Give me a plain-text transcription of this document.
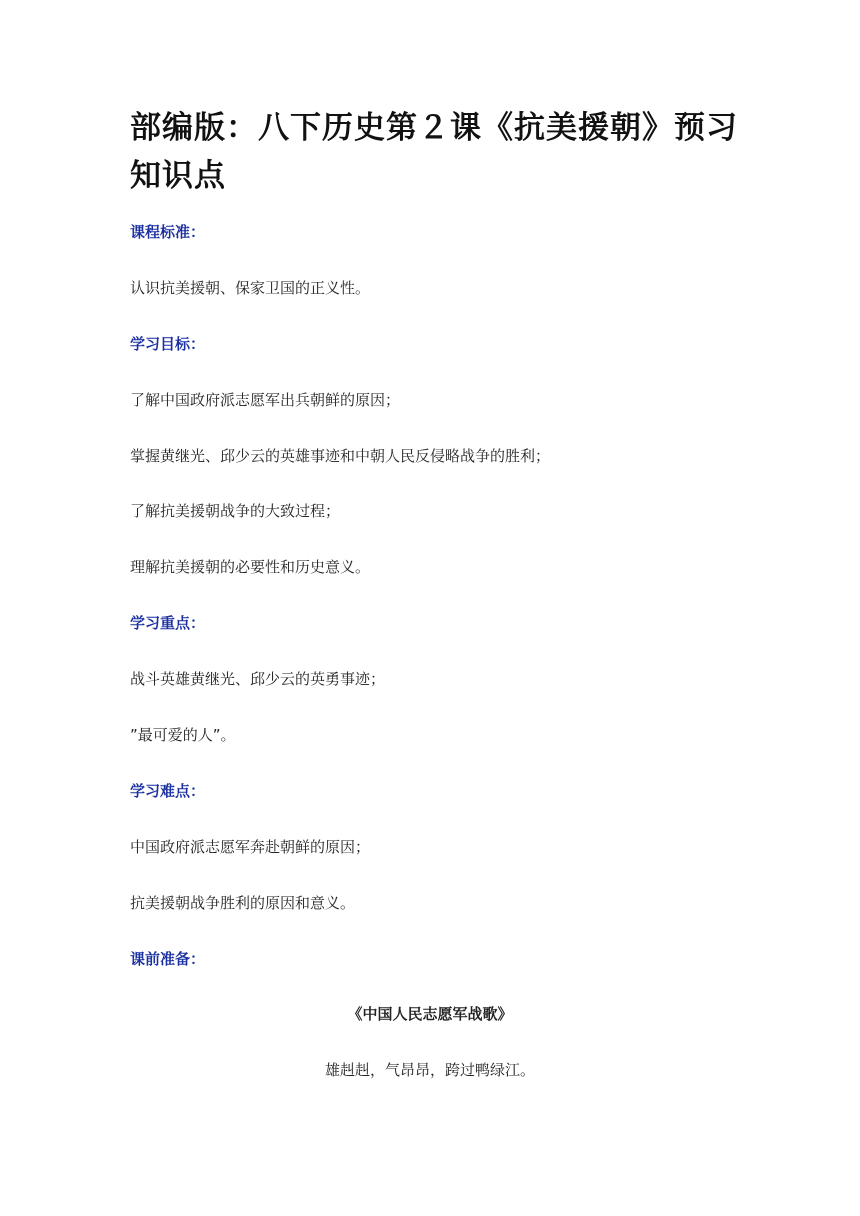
部编版：八下历史第２课《抗美援朝》预习知识点

课程标准：

认识抗美援朝、保家卫国的正义性。

学习目标：

了解中国政府派志愿军出兵朝鲜的原因；

掌握黄继光、邱少云的英雄事迹和中朝人民反侵略战争的胜利；

了解抗美援朝战争的大致过程；

理解抗美援朝的必要性和历史意义。

学习重点：

战斗英雄黄继光、邱少云的英勇事迹；

”最可爱的人”。

学习难点：

中国政府派志愿军奔赴朝鲜的原因；

抗美援朝战争胜利的原因和意义。

课前准备：

《中国人民志愿军战歌》

雄赳赳，气昂昂，跨过鸭绿江。
